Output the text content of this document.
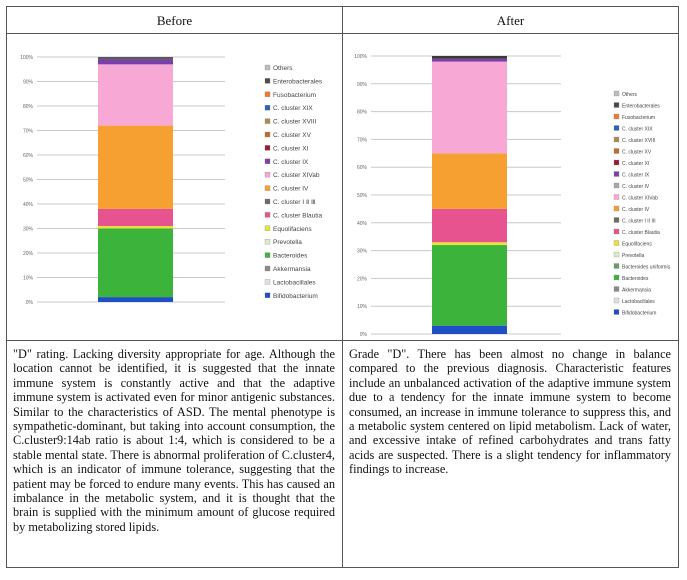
Before	After
0%
10%
20%
30%
40%
50%
60%
70%
80%
90%
100%
Others
Enterobacterales
Fusobacterium
C. cluster XIX
C. cluster XVIII
C. cluster XV
C. cluster XI
C. cluster IX
C. cluster XIVab
C. cluster IV
C. cluster Ⅰ Ⅱ Ⅲ
C. cluster Blautia
Equolifaciens
Prevotella
Bacteroides
Akkermansia
Lactobacillales
Bifidobacterium
0%
10%
20%
30%
40%
50%
60%
70%
80%
90%
100%
Others
Enterobacterales
Fusobacterium
C. cluster XIX
C. cluster XVIII
C. cluster XV
C. cluster XI
C. cluster IX
C. cluster IV
C. cluster XIVab
C. cluster IV
C. cluster I II III
C. cluster Blautia
Equolifaciens
Prevotella
Bacteroides uniformis
Bacteroides
Akkermansia
Lactobacillales
Bifidobacterium

"D" rating. Lacking diversity appropriate for age. Although the location cannot be identified, it is suggested that the innate immune system is constantly active and that the adaptive immune system is activated even for minor antigenic substances. Similar to the characteristics of ASD. The mental phenotype is sympathetic-dominant, but taking into account consumption, the C.cluster9:14ab ratio is about 1:4, which is considered to be a stable mental state. There is abnormal proliferation of C.cluster4, which is an indicator of immune tolerance, suggesting that the patient may be forced to endure many events. This has caused an imbalance in the metabolic system, and it is thought that the brain is supplied with the minimum amount of glucose required by metabolizing stored lipids.

Grade "D". There has been almost no change in balance compared to the previous diagnosis. Characteristic features include an unbalanced activation of the adaptive immune system due to a tendency for the innate immune system to become consumed, an increase in immune tolerance to suppress this, and a metabolic system centered on lipid metabolism. Lack of water, and excessive intake of refined carbohydrates and trans fatty acids are suspected. There is a slight tendency for inflammatory findings to increase.
